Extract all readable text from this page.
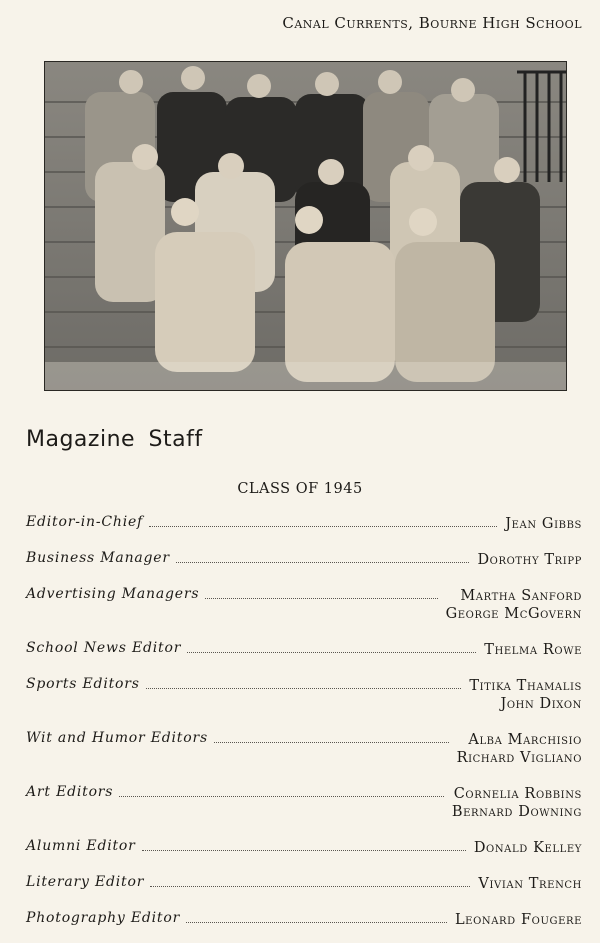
Canal Currents, Bourne High School
Magazine Staff
CLASS OF 1945
Editor-in-Chief	Jean Gibbs
Business Manager	Dorothy Tripp
Advertising Managers	Martha Sanford
George McGovern
School News Editor	Thelma Rowe
Sports Editors	Titika Thamalis
John Dixon
Wit and Humor Editors	Alba Marchisio
Richard Vigliano
Art Editors	Cornelia Robbins
Bernard Downing
Alumni Editor	Donald Kelley
Literary Editor	Vivian Trench
Photography Editor	Leonard Fougere
